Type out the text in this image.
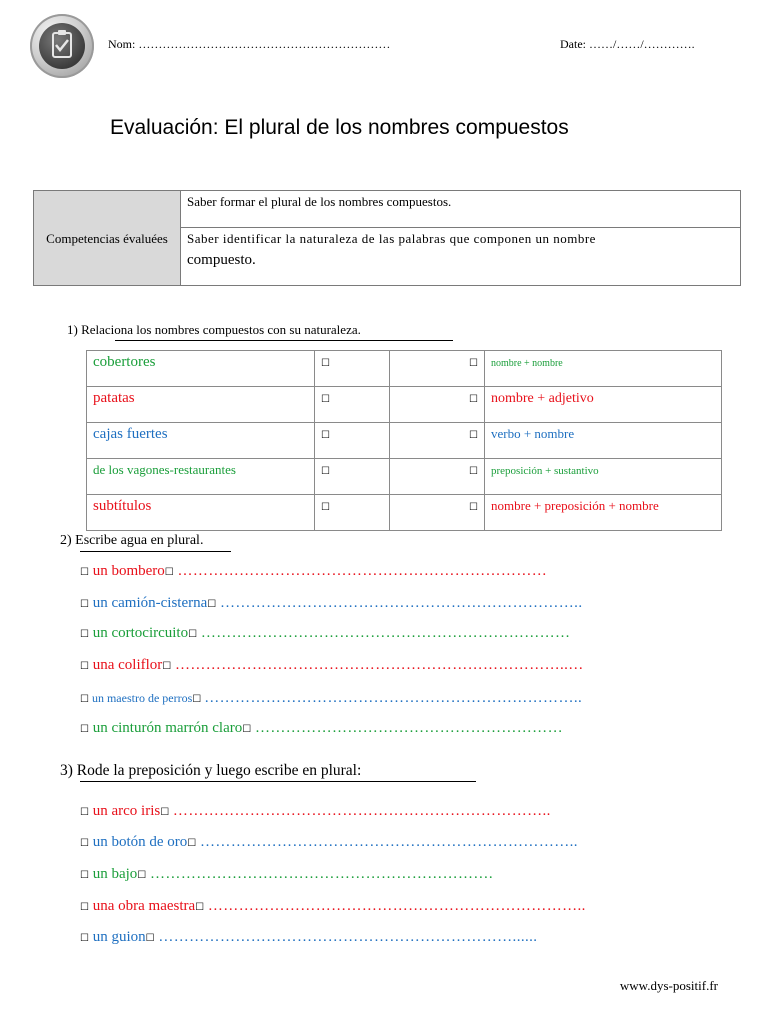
Nom: ………………………………………………………	Date: ……/……/………….
Evaluación: El plural de los nombres compuestos
Competencias évaluées	Saber formar el plural de los nombres compuestos.

Saber identificar la naturaleza de las palabras que componen un nombre
compuesto.
1) Relaciona los nombres compuestos con su naturaleza.
cobertores	☐	☐	nombre + nombre
patatas	☐	☐	nombre + adjetivo
cajas fuertes	☐	☐	verbo + nombre
de los vagones-restaurantes	☐	☐	preposición + sustantivo
subtítulos	☐	☐	nombre + preposición + nombre
2) Escribe agua en plural.
☐ un bombero☐ ………………………………………………………………
☐ un camión-cisterna☐ ……………………………………………………………..
☐ un cortocircuito☐ ………………………………………………………………
☐ una coliflor☐ …………………………………………………………………..…
☐ un maestro de perros☐ ………………………………………………………………..
☐ un cinturón marrón claro☐ ……………………………………………………
3) Rode la preposición y luego escribe en plural:
☐ un arco iris☐ ………………………………………………………………..
☐ un botón de oro☐ ………………………………………………………………..
☐ un bajo☐ ………………………………………………………….
☐ una obra maestra☐ ………………………………………………………………..
☐ un guion☐ ……………………………………………………………......
www.dys-positif.fr
